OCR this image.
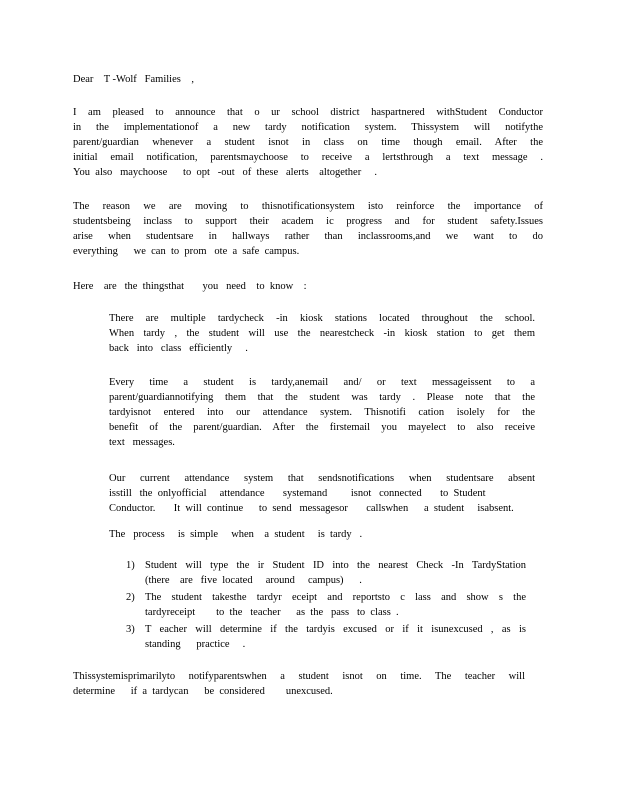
Dear    T -Wolf   Families    ,
I am pleased to announce that o ur school district haspartnered withStudent Conductor
in the implementationof a new tardy notification system. Thissystem will notifythe
parent/guardian whenever a student isnot in class on time though email. After the
initial email notification, parentsmaychoose to receive a lertsthrough a text message .
You  also   maychoose      to  opt   -out   of  these   alerts    altogether     .
The reason we are moving to thisnotificationsystem isto reinforce the importance of
studentsbeing inclass to support their academ ic progress and for student safety.Issues
arise when studentsare in hallways rather than inclassrooms,and we want to do
everything      we  can  to  prom   ote  a  safe  campus.
Here    are   the  thingsthat       you   need    to  know    :
There are multiple tardycheck -in kiosk stations located throughout the school.
When tardy , the student will use the nearestcheck -in kiosk station to get them
back   into   class   efficiently     .
Every time a student is tardy,anemail and/ or text messageissent to a
parent/guardiannotifying them that the student was tardy . Please note that the
tardyisnot entered into our attendance system. Thisnotifi cation isolely for the
benefit of the parent/guardian. After the firstemail you mayelect to also receive
text   messages.
Our current attendance system that sendsnotifications when studentsare absent
isstill   the  onlyofficial     attendance       systemand         isnot   connected       to  Student
Conductor.       It  will  continue      to  send   messagesor       callswhen      a  student     isabsent.
The   process     is  simple     when    a  student     is  tardy   .
1) Student will type the ir Student ID into the nearest Check -In TardyStation
(there    are   five  located     around     campus)      .
2) The student takesthe tardyr eceipt and reportsto c lass and show s the
tardyreceipt        to  the   teacher      as  the   pass   to  class  .
3) T eacher will determine if the tardyis excused or if it isunexcused , as is
standing      practice     .
Thissystemisprimarilyto notifyparentswhen a student isnot on time. The teacher will
determine      if  a  tardycan      be  considered        unexcused.
